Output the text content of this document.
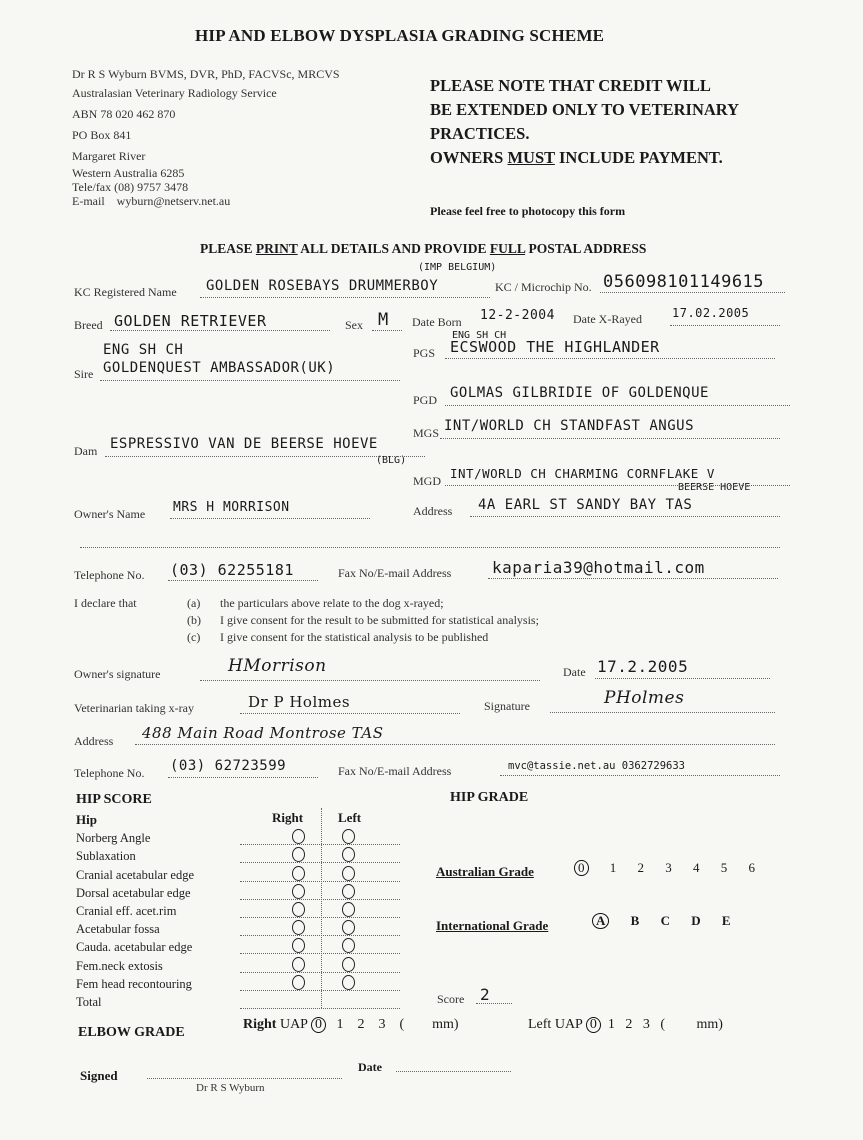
HIP AND ELBOW DYSPLASIA GRADING SCHEME
Dr R S Wyburn BVMS, DVR, PhD, FACVSc, MRCVS
Australasian Veterinary Radiology Service
ABN 78 020 462 870
PO Box 841
Margaret River
Western Australia 6285
Tele/fax (08) 9757 3478
E-mail wyburn@netserv.net.au
PLEASE NOTE THAT CREDIT WILL
BE EXTENDED ONLY TO VETERINARY
PRACTICES.
OWNERS MUST INCLUDE PAYMENT.
Please feel free to photocopy this form
PLEASE PRINT ALL DETAILS AND PROVIDE FULL POSTAL ADDRESS
KC Registered Name
(IMP BELGIUM)
GOLDEN ROSEBAYS DRUMMERBOY	KC / Microchip No. 056098101149615
Breed GOLDEN RETRIEVER	Sex M Date Born 12-2-2004 Date X-Rayed	17.02.2005
ENG SH CH
ENG SH CH
PGS ECSWOOD THE HIGHLANDER
Sire GOLDENQUEST AMBASSADOR(UK)
PGD GOLMAS GILBRIDIE OF GOLDENQUE
MGS INT/WORLD CH STANDFAST ANGUS
Dam ESPRESSIVO VAN DE BEERSE HOEVE
(BLG)
MGD INT/WORLD CH CHARMING CORNFLAKE V
BEERSE HOEVE
Owner's Name MRS H MORRISON	Address 4A EARL ST SANDY BAY TAS
Telephone No. (03) 62255181	Fax No/E-mail Address	kaparia39@hotmail.com
I declare that	(a) the particulars above relate to the dog x-rayed;
(b) I give consent for the result to be submitted for statistical analysis;
(c) I give consent for the statistical analysis to be published
Owner's signature	HMorrison	Date 17.2.2005
Veterinarian taking x-ray	Dr P Holmes	Signature	PHolmes
Address 488 Main Road Montrose TAS
Telephone No. (03) 62723599	Fax No/E-mail Address	mvc@tassie.net.au 0362729633
HIP SCORE	HIP GRADE
Hip	Right	Left
Norberg Angle
Sublaxation
Cranial acetabular edge
Dorsal acetabular edge
Cranial eff. acet.rim
Acetabular fossa
Cauda. acetabular edge
Fem.neck extosis
Fem head recontouring
Total
Australian Grade	0 1 2 3 4 5 6
International Grade	A B C D E
Score 2
ELBOW GRADE
Right UAP 0 1 2 3 ( mm)	Left UAP 0 1 2 3 ( mm)
Signed
Dr R S Wyburn
Date
